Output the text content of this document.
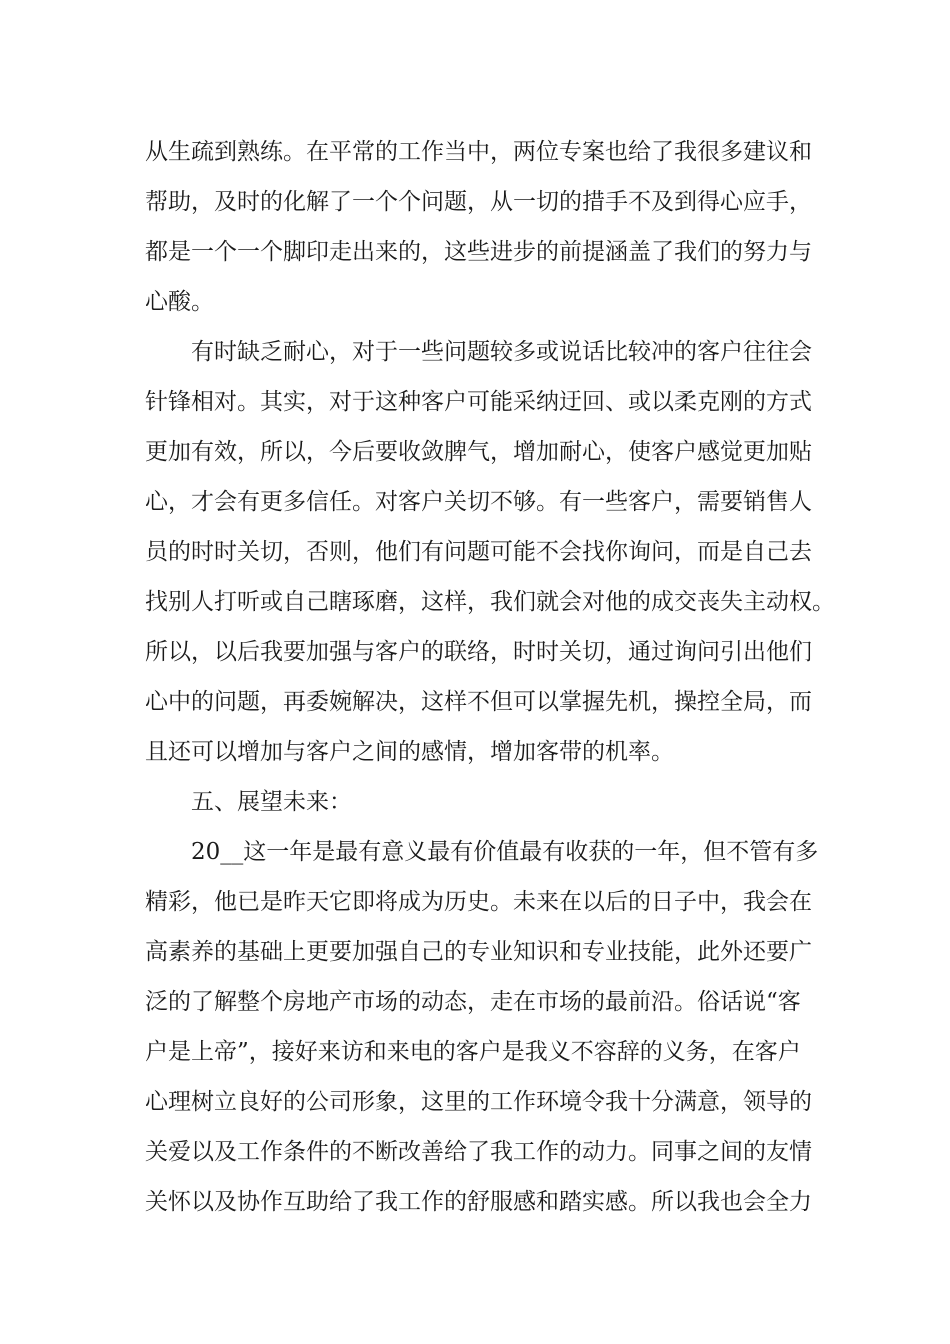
从生疏到熟练。在平常的工作当中，两位专案也给了我很多建议和
帮助，及时的化解了一个个问题，从一切的措手不及到得心应手，
都是一个一个脚印走出来的，这些进步的前提涵盖了我们的努力与
心酸。
有时缺乏耐心，对于一些问题较多或说话比较冲的客户往往会
针锋相对。其实，对于这种客户可能采纳迂回、或以柔克刚的方式
更加有效，所以，今后要收敛脾气，增加耐心，使客户感觉更加贴
心，才会有更多信任。对客户关切不够。有一些客户，需要销售人
员的时时关切，否则，他们有问题可能不会找你询问，而是自己去
找别人打听或自己瞎琢磨，这样，我们就会对他的成交丧失主动权。
所以，以后我要加强与客户的联络，时时关切，通过询问引出他们
心中的问题，再委婉解决，这样不但可以掌握先机，操控全局，而
且还可以增加与客户之间的感情，增加客带的机率。
五、展望未来：
20__这一年是最有意义最有价值最有收获的一年，但不管有多
精彩，他已是昨天它即将成为历史。未来在以后的日子中，我会在
高素养的基础上更要加强自己的专业知识和专业技能，此外还要广
泛的了解整个房地产市场的动态，走在市场的最前沿。俗话说“客
户是上帝”，接好来访和来电的客户是我义不容辞的义务，在客户
心理树立良好的公司形象，这里的工作环境令我十分满意，领导的
关爱以及工作条件的不断改善给了我工作的动力。同事之间的友情
关怀以及协作互助给了我工作的舒服感和踏实感。所以我也会全力
